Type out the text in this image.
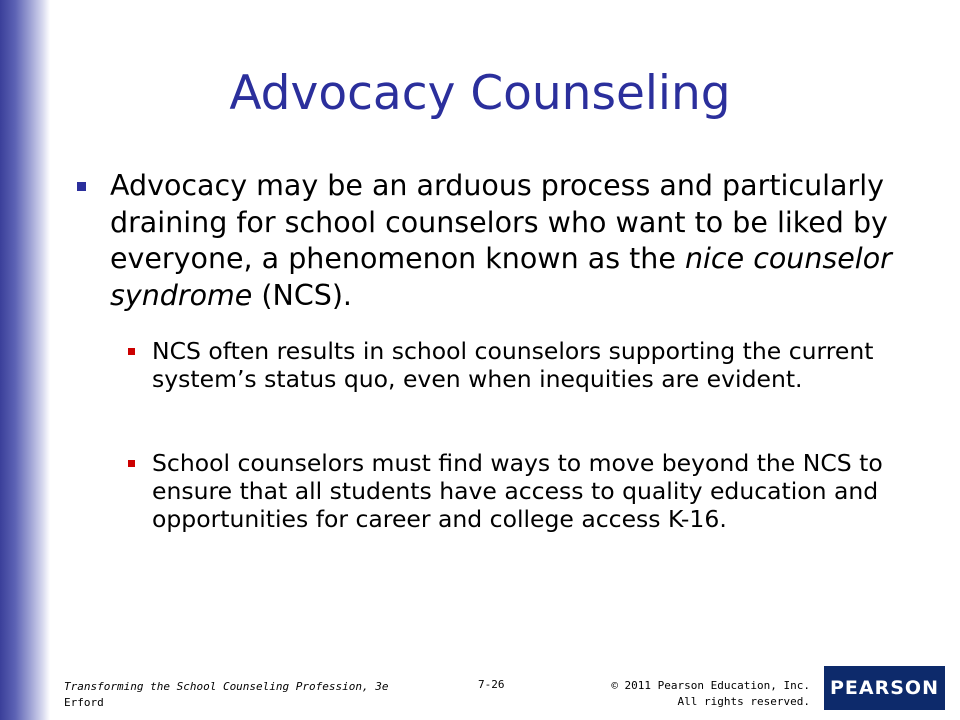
Advocacy Counseling
Advocacy may be an arduous process and particularly draining for school counselors who want to be liked by everyone, a phenomenon known as the nice counselor syndrome (NCS).
NCS often results in school counselors supporting the current system’s status quo, even when inequities are evident.
School counselors must find ways to move beyond the NCS to ensure that all students have access to quality education and opportunities for career and college access K-16.
Transforming the School Counseling Profession, 3e
Erford
7-26	© 2011 Pearson Education, Inc.
All rights reserved.
PEARSON
